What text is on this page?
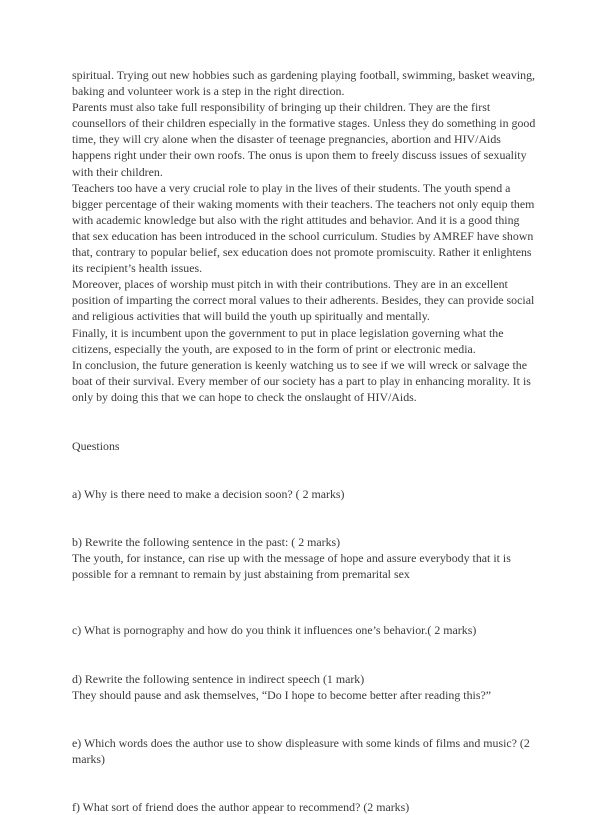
spiritual. Trying out new hobbies such as gardening playing football, swimming, basket weaving,
baking and volunteer work is a step in the right direction.

Parents must also take full responsibility of bringing up their children. They are the first
counsellors of their children especially in the formative stages. Unless they do something in good
time, they will cry alone when the disaster of teenage pregnancies, abortion and HIV/Aids
happens right under their own roofs. The onus is upon them to freely discuss issues of sexuality
with their children.

Teachers too have a very crucial role to play in the lives of their students. The youth spend a
bigger percentage of their waking moments with their teachers. The teachers not only equip them
with academic knowledge but also with the right attitudes and behavior. And it is a good thing
that sex education has been introduced in the school curriculum. Studies by AMREF have shown
that, contrary to popular belief, sex education does not promote promiscuity. Rather it enlightens
its recipient’s health issues.

Moreover, places of worship must pitch in with their contributions. They are in an excellent
position of imparting the correct moral values to their adherents. Besides, they can provide social
and religious activities that will build the youth up spiritually and mentally.

Finally, it is incumbent upon the government to put in place legislation governing what the
citizens, especially the youth, are exposed to in the form of print or electronic media.

In conclusion, the future generation is keenly watching us to see if we will wreck or salvage the
boat of their survival. Every member of our society has a part to play in enhancing morality. It is
only by doing this that we can hope to check the onslaught of HIV/Aids.

Questions

a) Why is there need to make a decision soon? ( 2 marks)

b) Rewrite the following sentence in the past: ( 2 marks)
The youth, for instance, can rise up with the message of hope and assure everybody that it is
possible for a remnant to remain by just abstaining from premarital sex

c) What is pornography and how do you think it influences one’s behavior.( 2 marks)

d) Rewrite the following sentence in indirect speech (1 mark)
They should pause and ask themselves, “Do I hope to become better after reading this?”

e) Which words does the author use to show displeasure with some kinds of films and music? (2
marks)

f) What sort of friend does the author appear to recommend? (2 marks)
